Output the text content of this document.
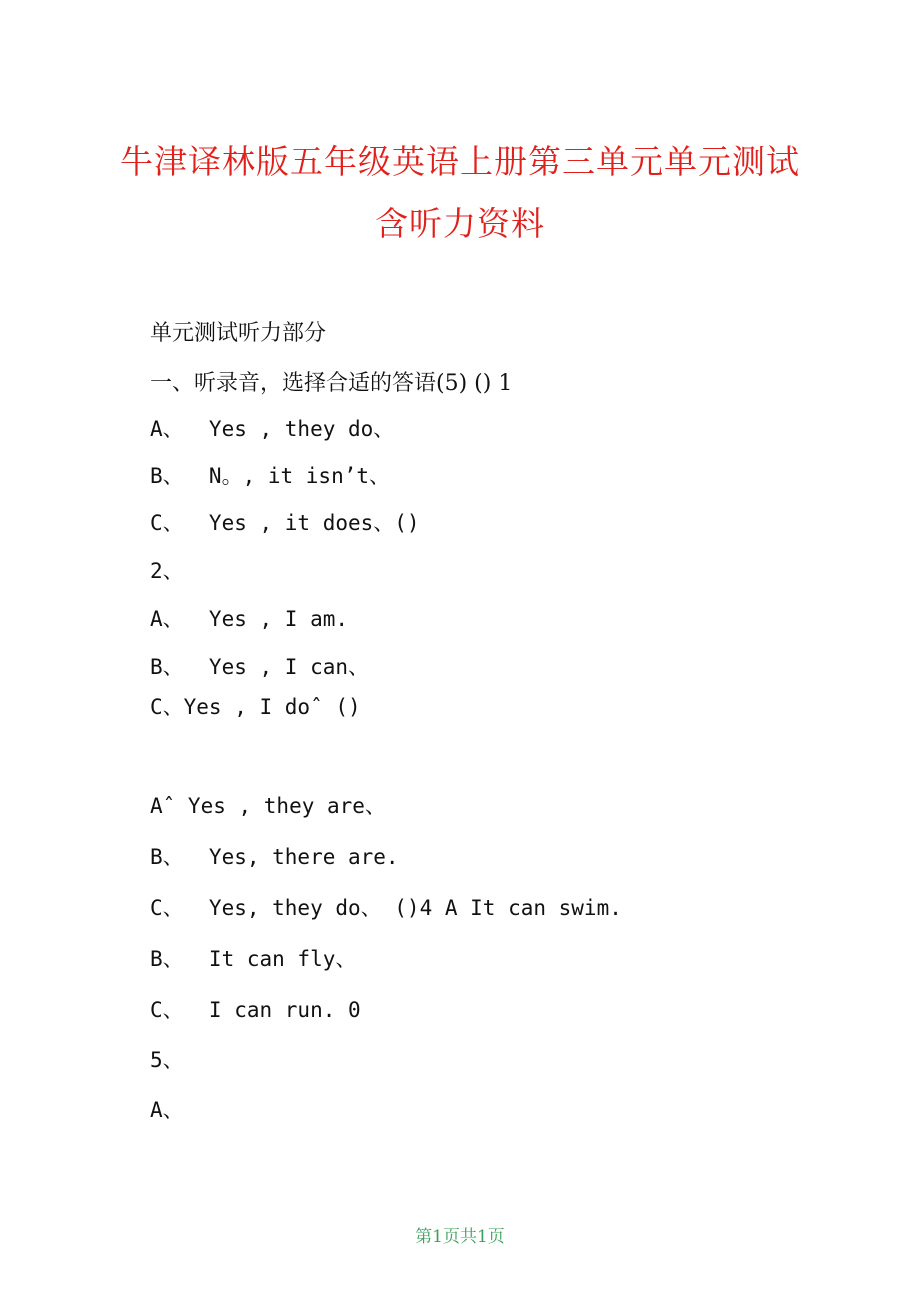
牛津译林版五年级英语上册第三单元单元测试
含听力资料
单元测试听力部分
一、听录音，选择合适的答语(5) () 1
A、  Yes , they do、
B、  N。, it isn’t、
C、  Yes , it does、()
2、
A、  Yes , I am.
B、  Yes , I can、
C、Yes , I doˆ ()
Aˆ Yes , they are、
B、  Yes, there are.
C、  Yes, they do、 ()4 A It can swim.
B、  It can fly、
C、  I can run. 0
5、
A、
第1页共1页
